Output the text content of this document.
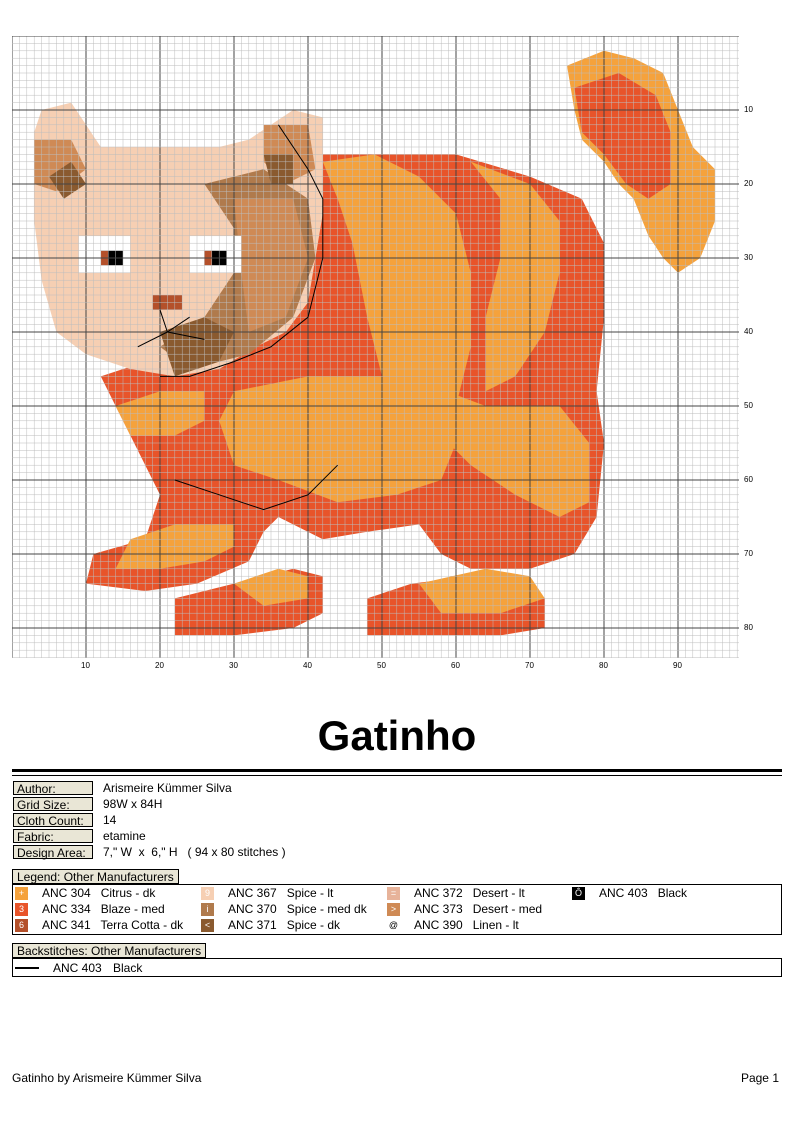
10	20	30	40	50	60	70	80	90
10
20
30
40
50
60
70
80
Gatinho
Author:	Arismeire Kümmer Silva
Grid Size:	98W x 84H
Cloth Count:	14
Fabric:	etamine
Design Area:	7," W  x  6," H   ( 94 x 80 stitches )
Legend: Other Manufacturers
+	ANC 304   Citrus - dk
3	ANC 334   Blaze - med
6	ANC 341   Terra Cotta - dk
9	ANC 367   Spice - lt
i	ANC 370   Spice - med dk
<	ANC 371   Spice - dk
=	ANC 372   Desert - lt
>	ANC 373   Desert - med
@ ANC 390   Linen - lt
Ô ANC 403   Black
Backstitches: Other Manufacturers
ANC 403 Black
Gatinho by Arismeire Kümmer Silva	Page 1
